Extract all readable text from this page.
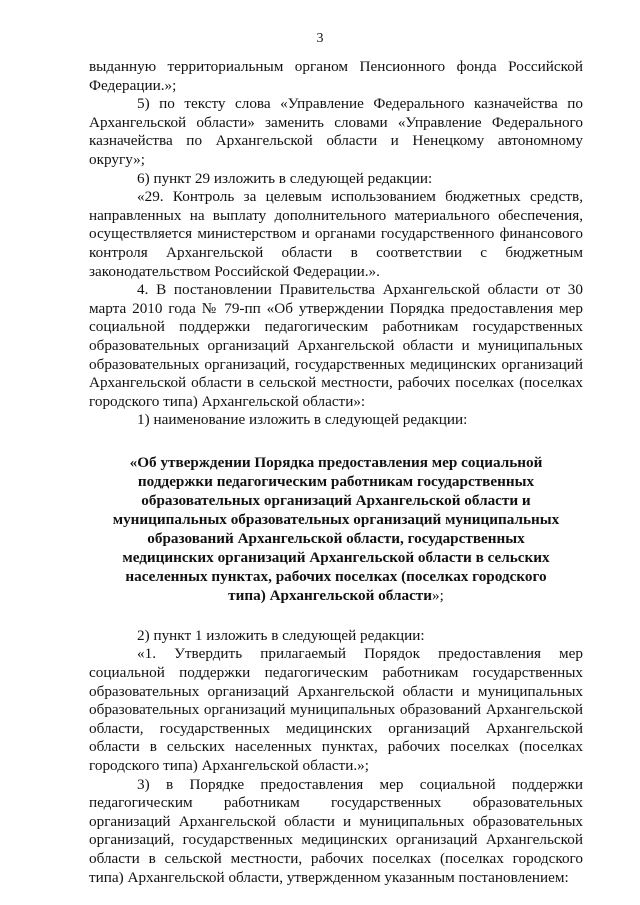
3

выданную территориальным органом Пенсионного фонда Российской Федерации.»;

5) по тексту слова «Управление Федерального казначейства по Архангельской области» заменить словами «Управление Федерального казначейства по Архангельской области и Ненецкому автономному округу»;

6) пункт 29 изложить в следующей редакции:

«29. Контроль за целевым использованием бюджетных средств, направленных на выплату дополнительного материального обеспечения, осуществляется министерством и органами государственного финансового контроля Архангельской области в соответствии с бюджетным законодательством Российской Федерации.».

4. В постановлении Правительства Архангельской области от 30 марта 2010 года № 79-пп «Об утверждении Порядка предоставления мер социальной поддержки педагогическим работникам государственных образовательных организаций Архангельской области и муниципальных образовательных организаций, государственных медицинских организаций Архангельской области в сельской местности, рабочих поселках (поселках городского типа) Архангельской области»:

1) наименование изложить в следующей редакции:

«Об утверждении Порядка предоставления мер социальной поддержки педагогическим работникам государственных образовательных организаций Архангельской области и муниципальных образовательных организаций муниципальных образований Архангельской области, государственных медицинских организаций Архангельской области в сельских населенных пунктах, рабочих поселках (поселках городского типа) Архангельской области»;

2) пункт 1 изложить в следующей редакции:

«1. Утвердить прилагаемый Порядок предоставления мер социальной поддержки педагогическим работникам государственных образовательных организаций Архангельской области и муниципальных образовательных организаций муниципальных образований Архангельской области, государственных медицинских организаций Архангельской области в сельских населенных пунктах, рабочих поселках (поселках городского типа) Архангельской области.»;

3) в Порядке предоставления мер социальной поддержки педагогическим работникам государственных образовательных организаций Архангельской области и муниципальных образовательных организаций, государственных медицинских организаций Архангельской области в сельской местности, рабочих поселках (поселках городского типа) Архангельской области, утвержденном указанным постановлением:
